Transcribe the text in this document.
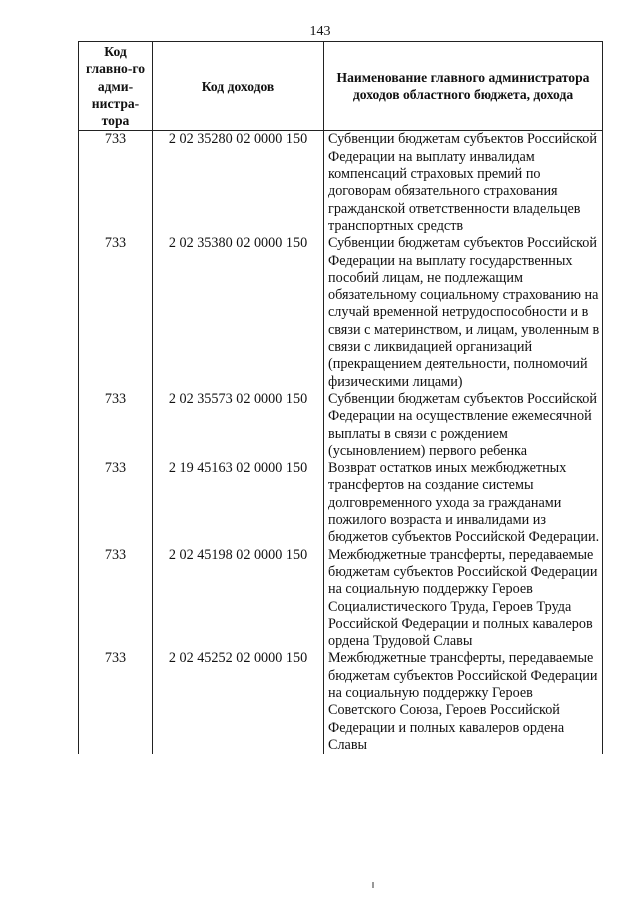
143
Код главно-го адми-нистра-тора	Код доходов	Наименование главного администратора доходов областного бюджета, дохода
733	2 02 35280 02 0000 150	Субвенции бюджетам субъектов Российской Федерации на выплату инвалидам компенсаций страховых премий по договорам обязательного страхования гражданской ответственности владельцев транспортных средств
733	2 02 35380 02 0000 150	Субвенции бюджетам субъектов Российской Федерации на выплату государственных пособий лицам, не подлежащим обязательному социальному страхованию на случай временной нетрудоспособности и в связи с материнством, и лицам, уволенным в связи с ликвидацией организаций (прекращением деятельности, полномочий физическими лицами)
733	2 02 35573 02 0000 150	Субвенции бюджетам субъектов Российской Федерации на осуществление ежемесячной выплаты в связи с рождением (усыновлением) первого ребенка
733	2 19 45163 02 0000 150	Возврат остатков иных межбюджетных трансфертов на создание системы долговременного ухода за гражданами пожилого возраста и инвалидами из бюджетов субъектов Российской Федерации.
733	2 02 45198 02 0000 150	Межбюджетные трансферты, передаваемые бюджетам субъектов Российской Федерации на социальную поддержку Героев Социалистического Труда, Героев Труда Российской Федерации и полных кавалеров ордена Трудовой Славы
733	2 02 45252 02 0000 150	Межбюджетные трансферты, передаваемые бюджетам субъектов Российской Федерации на социальную поддержку Героев Советского Союза, Героев Российской Федерации и полных кавалеров ордена Славы
